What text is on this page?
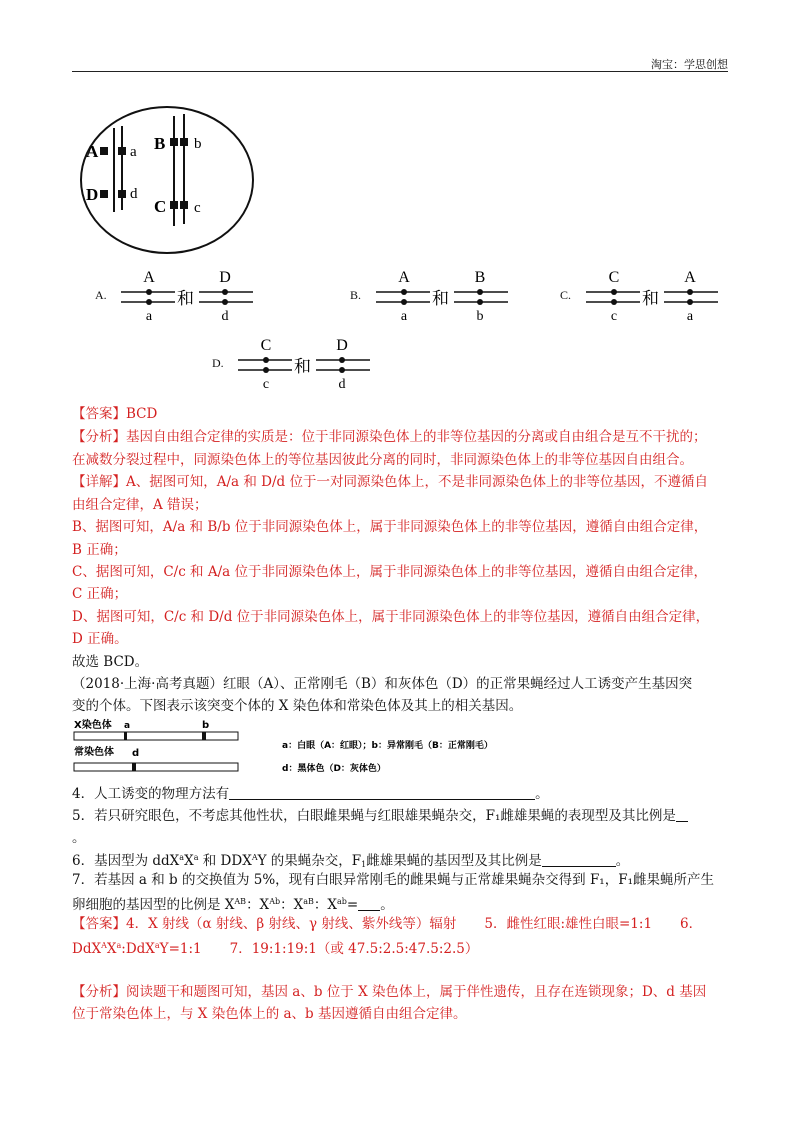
淘宝：学思创想
A a
D d
B b
C c
A.
A
a
和
D
d
B.
A
a
和
B
b
C.
C
c
和
A
a
D.
C
c
和
D
d
【答案】BCD
【分析】基因自由组合定律的实质是：位于非同源染色体上的非等位基因的分离或自由组合是互不干扰的；
在减数分裂过程中，同源染色体上的等位基因彼此分离的同时，非同源染色体上的非等位基因自由组合。
【详解】A、据图可知，A/a 和 D/d 位于一对同源染色体上，不是非同源染色体上的非等位基因，不遵循自
由组合定律，A 错误；
B、据图可知，A/a 和 B/b 位于非同源染色体上，属于非同源染色体上的非等位基因，遵循自由组合定律，
B 正确；
C、据图可知，C/c 和 A/a 位于非同源染色体上，属于非同源染色体上的非等位基因，遵循自由组合定律，
C 正确；
D、据图可知，C/c 和 D/d 位于非同源染色体上，属于非同源染色体上的非等位基因，遵循自由组合定律，
D 正确。
故选 BCD。
（2018·上海·高考真题）红眼（A）、正常刚毛（B）和灰体色（D）的正常果蝇经过人工诱变产生基因突
变的个体。下图表示该突变个体的 X 染色体和常染色体及其上的相关基因。
X染色体 a	b
常染色体 d
a：白眼（A：红眼）；b：异常刚毛（B：正常刚毛）
d：黑体色（D：灰体色）
4．人工诱变的物理方法有	。
5．若只研究眼色，不考虑其他性状，白眼雌果蝇与红眼雄果蝇杂交，F₁雌雄果蝇的表现型及其比例是
。
6．基因型为 $ddX^aX^a$ 和 $DDX^AY$ 的果蝇杂交，$F_1$雌雄果蝇的基因型及其比例是	。
7．若基因 a 和 b 的交换值为 5%，现有白眼异常刚毛的雌果蝇与正常雄果蝇杂交得到 F₁，F₁雌果蝇所产生
卵细胞的基因型的比例是 $X^{AB}$：$X^{Ab}$：$X^{aB}$：$X^{ab}=$ 。
【答案】4．X 射线（α 射线、β 射线、γ 射线、紫外线等）辐射 5．雌性红眼:雄性白眼=1:1 6．
$DdX^AX^a:DdX^aY=1:1$ 7．19:1:19:1（或 47.5:2.5:47.5:2.5）
【分析】阅读题干和题图可知，基因 a、b 位于 X 染色体上，属于伴性遗传，且存在连锁现象；D、d 基因
位于常染色体上，与 X 染色体上的 a、b 基因遵循自由组合定律。
